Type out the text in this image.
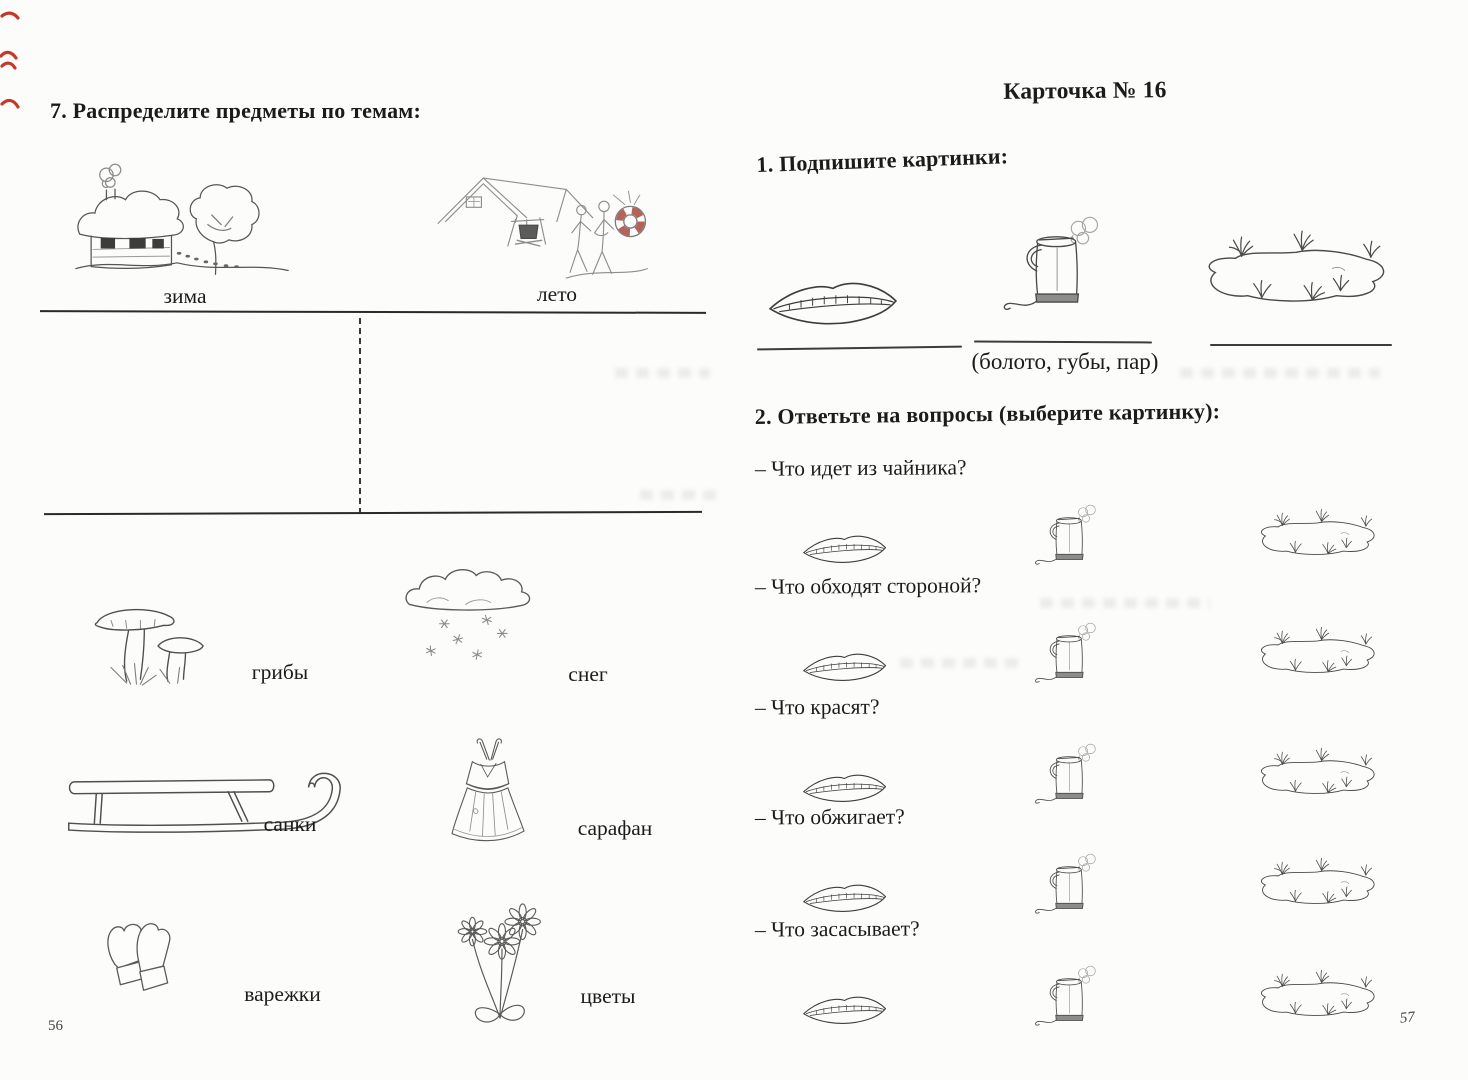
7. Распределите предметы по темам:
зима	лето
грибы	снег
санки	сарафан
варежки	цветы
56
Карточка № 16
1. Подпишите картинки:
(болото, губы, пар)
2. Ответьте на вопросы (выберите картинку):

– Что идет из чайника?

– Что обходят стороной?

– Что красят?

– Что обжигает?

– Что засасывает?

57
